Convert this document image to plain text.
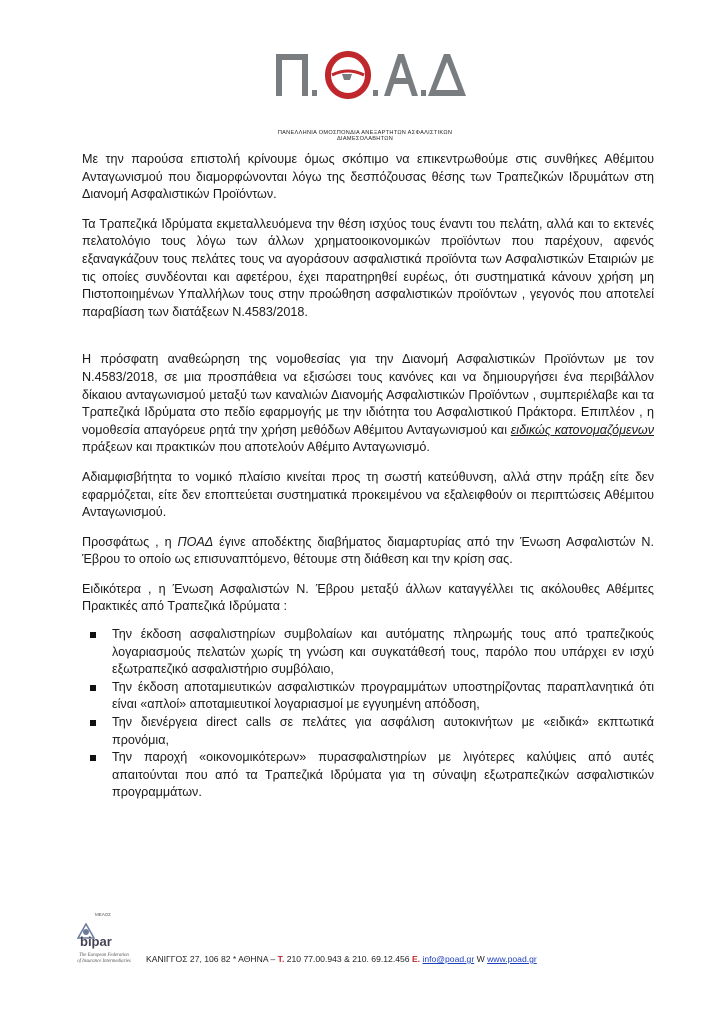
ΠΑΝΕΛΛΗΝΙΑ ΟΜΟΣΠΟΝΔΙΑ ΑΝΕΞΑΡΤΗΤΩΝ ΑΣΦΑΛΙΣΤΙΚΩΝ ΔΙΑΜΕΣΟΛΑΒΗΤΩΝ

Με την παρούσα επιστολή κρίνουμε όμως σκόπιμο να επικεντρωθούμε στις συνθήκες Αθέμιτου Ανταγωνισμού που διαμορφώνονται λόγω της δεσπόζουσας θέσης των Τραπεζικών Ιδρυμάτων στη Διανομή Ασφαλιστικών Προϊόντων.

Τα Τραπεζικά Ιδρύματα εκμεταλλευόμενα την θέση ισχύος τους έναντι του πελάτη, αλλά και το εκτενές πελατολόγιο τους λόγω των άλλων χρηματοοικονομικών προϊόντων που παρέχουν, αφενός εξαναγκάζουν τους πελάτες τους να αγοράσουν ασφαλιστικά προϊόντα των Ασφαλιστικών Εταιριών με τις οποίες συνδέονται και αφετέρου, έχει παρατηρηθεί ευρέως, ότι συστηματικά κάνουν χρήση μη Πιστοποιημένων Υπαλλήλων τους στην προώθηση ασφαλιστικών προϊόντων , γεγονός που αποτελεί παραβίαση των διατάξεων Ν.4583/2018.

Η πρόσφατη αναθεώρηση της νομοθεσίας για την Διανομή Ασφαλιστικών Προϊόντων με τον Ν.4583/2018, σε μια προσπάθεια να εξισώσει τους κανόνες και να δημιουργήσει ένα περιβάλλον δίκαιου ανταγωνισμού μεταξύ των καναλιών Διανομής Ασφαλιστικών Προϊόντων , συμπεριέλαβε και τα Τραπεζικά Ιδρύματα στο πεδίο εφαρμογής με την ιδιότητα του Ασφαλιστικού Πράκτορα. Επιπλέον , η νομοθεσία απαγόρευε ρητά την χρήση μεθόδων Αθέμιτου Ανταγωνισμού και ειδικώς κατονομαζόμενων πράξεων και πρακτικών που αποτελούν Αθέμιτο Ανταγωνισμό.

Αδιαμφισβήτητα το νομικό πλαίσιο κινείται προς τη σωστή κατεύθυνση, αλλά στην πράξη είτε δεν εφαρμόζεται, είτε δεν εποπτεύεται συστηματικά προκειμένου να εξαλειφθούν οι περιπτώσεις Αθέμιτου Ανταγωνισμού.

Προσφάτως , η ΠΟΑΔ έγινε αποδέκτης διαβήματος διαμαρτυρίας από την Ένωση Ασφαλιστών Ν. Έβρου το οποίο ως επισυναπτόμενο, θέτουμε στη διάθεση και την κρίση σας.

Ειδικότερα , η Ένωση Ασφαλιστών Ν. Έβρου μεταξύ άλλων καταγγέλλει τις ακόλουθες Αθέμιτες Πρακτικές από Τραπεζικά Ιδρύματα :

Την έκδοση ασφαλιστηρίων συμβολαίων και αυτόματης πληρωμής τους από τραπεζικούς λογαριασμούς πελατών χωρίς τη γνώση και συγκατάθεσή τους, παρόλο που υπάρχει εν ισχύ εξωτραπεζικό ασφαλιστήριο συμβόλαιο,
Την έκδοση αποταμιευτικών ασφαλιστικών προγραμμάτων υποστηρίζοντας παραπλανητικά ότι είναι «απλοί» αποταμιευτικοί λογαριασμοί με εγγυημένη απόδοση,
Την διενέργεια direct calls σε πελάτες για ασφάλιση αυτοκινήτων με «ειδικά» εκπτωτικά προνόμια,
Την παροχή «οικονομικότερων» πυρασφαλιστηρίων με λιγότερες καλύψεις από αυτές απαιτούνται που από τα Τραπεζικά Ιδρύματα για τη σύναψη εξωτραπεζικών ασφαλιστικών προγραμμάτων.
ΜΕΛΟΣ
bipar
The European Federation
of Insurance Intermediaries	ΚΑΝΙΓΓΟΣ 27, 106 82 * ΑΘΗΝΑ – Τ. 210 77.00.943 & 210. 69.12.456 E. info@poad.gr W www.poad.gr
